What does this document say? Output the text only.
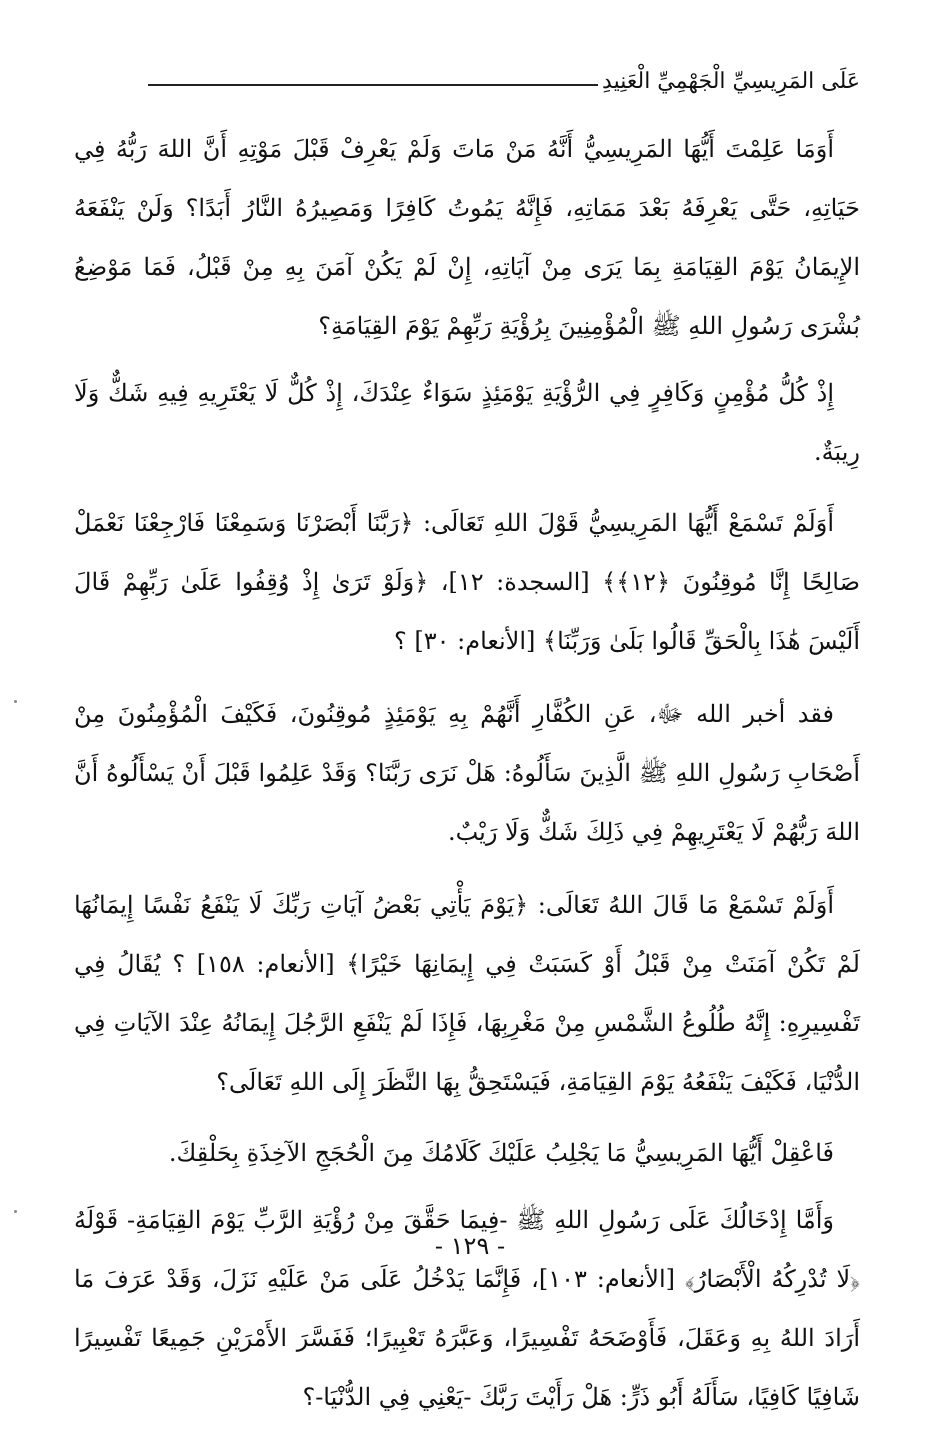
عَلَى المَرِيسِيِّ الْجَهْمِيِّ الْعَنِيدِ

أَوَمَا عَلِمْتَ أَيُّهَا المَرِيسِيُّ أَنَّهُ مَنْ مَاتَ وَلَمْ يَعْرِفْ قَبْلَ مَوْتِهِ أَنَّ اللهَ رَبُّهُ فِي حَيَاتِهِ، حَتَّى يَعْرِفَهُ بَعْدَ مَمَاتِهِ، فَإِنَّهُ يَمُوتُ كَافِرًا وَمَصِيرُهُ النَّارُ أَبَدًا؟ وَلَنْ يَنْفَعَهُ الإِيمَانُ يَوْمَ القِيَامَةِ بِمَا يَرَى مِنْ آيَاتِهِ، إِنْ لَمْ يَكُنْ آمَنَ بِهِ مِنْ قَبْلُ، فَمَا مَوْضِعُ بُشْرَى رَسُولِ اللهِ ﷺ الْمُؤْمِنِينَ بِرُؤْيَةِ رَبِّهِمْ يَوْمَ القِيَامَةِ؟

إِذْ كُلُّ مُؤْمِنٍ وَكَافِرٍ فِي الرُّؤْيَةِ يَوْمَئِذٍ سَوَاءٌ عِنْدَكَ، إِذْ كُلٌّ لَا يَعْتَرِيهِ فِيهِ شَكٌّ وَلَا رِيبَةٌ.

أَوَلَمْ تَسْمَعْ أَيُّهَا المَرِيسِيُّ قَوْلَ اللهِ تَعَالَى: ﴿رَبَّنَا أَبْصَرْنَا وَسَمِعْنَا فَارْجِعْنَا نَعْمَلْ صَالِحًا إِنَّا مُوقِنُونَ ﴿١٢﴾﴾ [السجدة: ١٢]، ﴿وَلَوْ تَرَىٰ إِذْ وُقِفُوا عَلَىٰ رَبِّهِمْ قَالَ أَلَيْسَ هَٰذَا بِالْحَقِّ قَالُوا بَلَىٰ وَرَبِّنَا﴾ [الأنعام: ٣٠] ؟

فقد أخبر الله ﷻ، عَنِ الكُفَّارِ أَنَّهُمْ بِهِ يَوْمَئِذٍ مُوقِنُونَ، فَكَيْفَ الْمُؤْمِنُونَ مِنْ أَصْحَابِ رَسُولِ اللهِ ﷺ الَّذِينَ سَأَلُوهُ: هَلْ نَرَى رَبَّنَا؟ وَقَدْ عَلِمُوا قَبْلَ أَنْ يَسْأَلُوهُ أَنَّ اللهَ رَبُّهُمْ لَا يَعْتَرِيهِمْ فِي ذَلِكَ شَكٌّ وَلَا رَيْبٌ.

أَوَلَمْ تَسْمَعْ مَا قَالَ اللهُ تَعَالَى: ﴿يَوْمَ يَأْتِي بَعْضُ آيَاتِ رَبِّكَ لَا يَنْفَعُ نَفْسًا إِيمَانُهَا لَمْ تَكُنْ آمَنَتْ مِنْ قَبْلُ أَوْ كَسَبَتْ فِي إِيمَانِهَا خَيْرًا﴾ [الأنعام: ١٥٨] ؟ يُقَالُ فِي تَفْسِيرِهِ: إِنَّهُ طُلُوعُ الشَّمْسِ مِنْ مَغْرِبِهَا، فَإِذَا لَمْ يَنْفَعِ الرَّجُلَ إِيمَانُهُ عِنْدَ الآيَاتِ فِي الدُّنْيَا، فَكَيْفَ يَنْفَعُهُ يَوْمَ القِيَامَةِ، فَيَسْتَحِقُّ بِهَا النَّظَرَ إِلَى اللهِ تَعَالَى؟

فَاعْقِلْ أَيُّهَا المَرِيسِيُّ مَا يَجْلِبُ عَلَيْكَ كَلَامُكَ مِنَ الْحُجَجِ الآخِذَةِ بِحَلْقِكَ.

وَأَمَّا إِدْخَالُكَ عَلَى رَسُولِ اللهِ ﷺ -فِيمَا حَقَّقَ مِنْ رُؤْيَةِ الرَّبِّ يَوْمَ القِيَامَةِ- قَوْلَهُ ﴿لَا تُدْرِكُهُ الْأَبْصَارُ﴾ [الأنعام: ١٠٣]، فَإِنَّمَا يَدْخُلُ عَلَى مَنْ عَلَيْهِ نَزَلَ، وَقَدْ عَرَفَ مَا أَرَادَ اللهُ بِهِ وَعَقَلَ، فَأَوْضَحَهُ تَفْسِيرًا، وَعَبَّرَهُ تَعْبِيرًا؛ فَفَسَّرَ الأَمْرَيْنِ جَمِيعًا تَفْسِيرًا شَافِيًا كَافِيًا، سَأَلَهُ أَبُو ذَرٍّ: هَلْ رَأَيْتَ رَبَّكَ -يَعْنِي فِي الدُّنْيَا-؟

- ١٢٩ -
